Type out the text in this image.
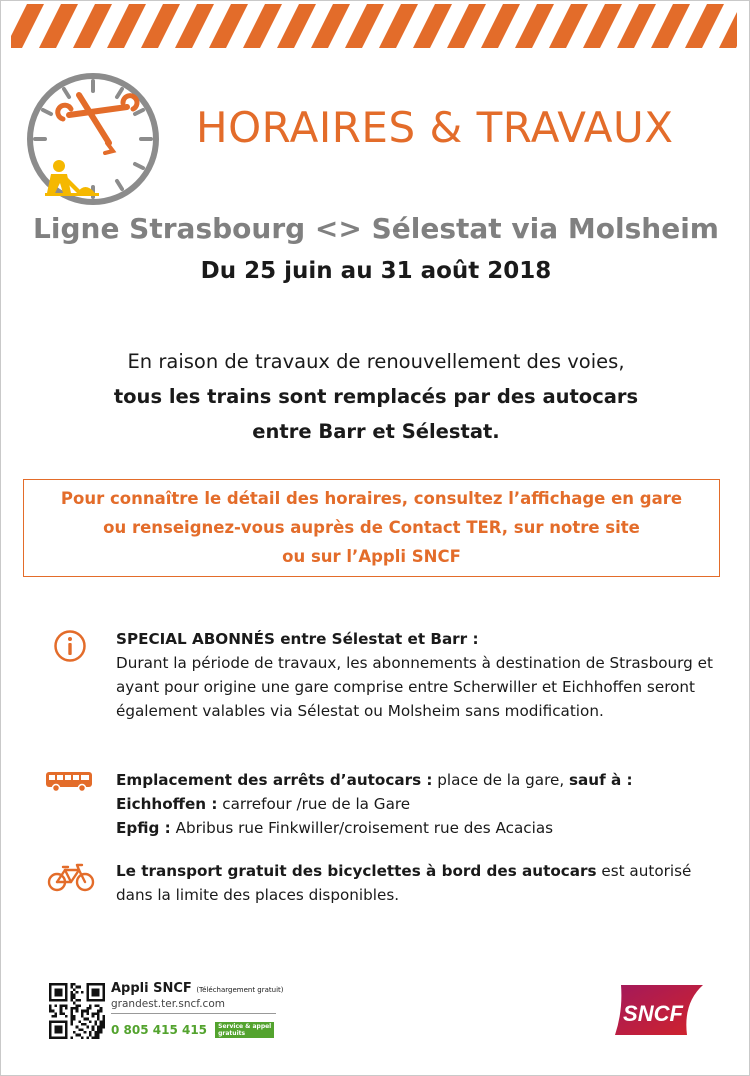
HORAIRES & TRAVAUX
Ligne Strasbourg <> Sélestat via Molsheim
Du 25 juin au 31 août 2018
En raison de travaux de renouvellement des voies,
tous les trains sont remplacés par des autocars
entre Barr et Sélestat.
Pour connaître le détail des horaires, consultez l’affichage en gare
ou renseignez-vous auprès de Contact TER, sur notre site
ou sur l’Appli SNCF
SPECIAL ABONNÉS entre Sélestat et Barr :
Durant la période de travaux, les abonnements à destination de Strasbourg et ayant pour origine une gare comprise entre Scherwiller et Eichhoffen seront également valables via Sélestat ou Molsheim sans modification.
Emplacement des arrêts d’autocars : place de la gare, sauf à :
Eichhoffen : carrefour /rue de la Gare
Epfig : Abribus rue Finkwiller/croisement rue des Acacias
Le transport gratuit des bicyclettes à bord des autocars est autorisé dans la limite des places disponibles.
Appli SNCF (Téléchargement gratuit)
grandest.ter.sncf.com
0 805 415 415 Service & appel
gratuits
SNCF
